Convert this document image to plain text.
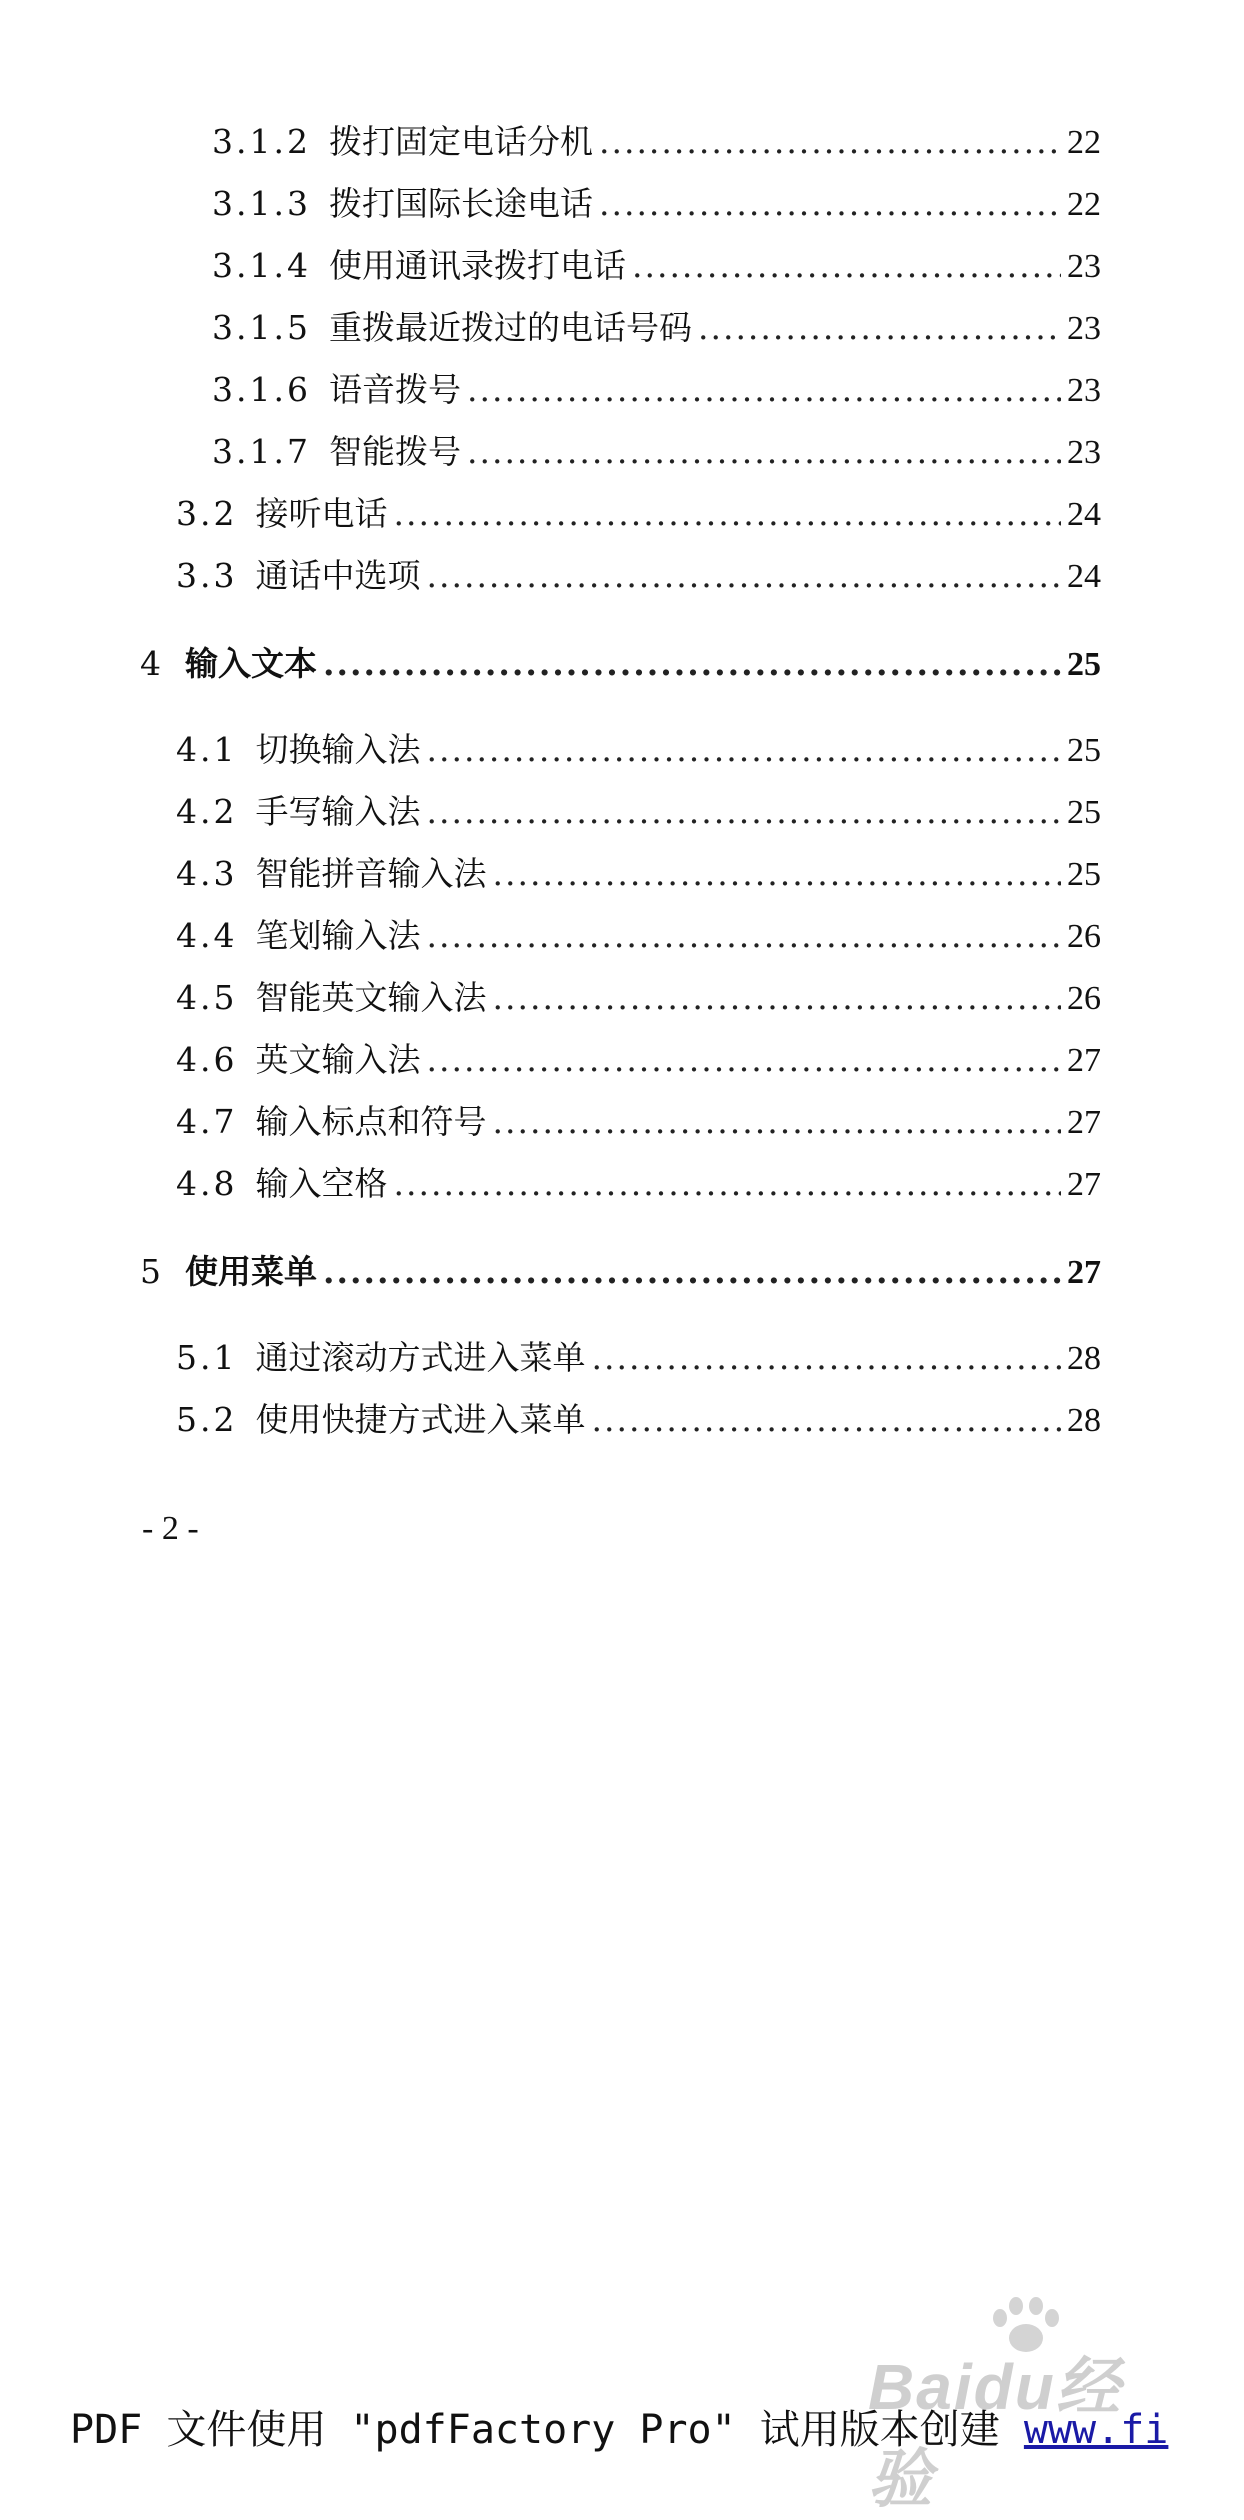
3.1.2 拨打固定电话分机 .....	22
3.1.3 拨打国际长途电话 .....	22
3.1.4 使用通讯录拨打电话 .....	23
3.1.5 重拨最近拨过的电话号码 .....	23
3.1.6 语音拨号 .....	23
3.1.7 智能拨号 .....	23
3.2 接听电话 .....	24
3.3 通话中选项 .....	24
4 输入文本 .....	25
4.1 切换输入法 .....	25
4.2 手写输入法 .....	25
4.3 智能拼音输入法 .....	25
4.4 笔划输入法 .....	26
4.5 智能英文输入法 .....	26
4.6 英文输入法 .....	27
4.7 输入标点和符号 .....	27
4.8 输入空格 .....	27
5 使用菜单 .....	27
5.1 通过滚动方式进入菜单 .....	28
5.2 使用快捷方式进入菜单 .....	28
- 2 -
Baidu经验
PDF 文件使用 "pdfFactory Pro" 试用版本创建 www.fi
